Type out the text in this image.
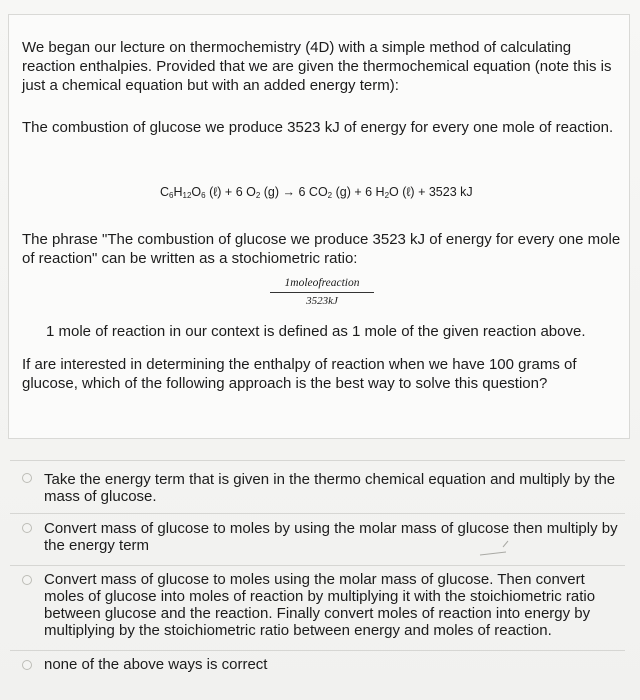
We began our lecture on thermochemistry (4D) with a simple method of calculating reaction enthalpies. Provided that we are given the thermochemical equation (note this is just a chemical equation but with an added energy term):

The combustion of glucose we produce 3523 kJ of energy for every one mole of reaction.

$C_6H_{12}O_6$ (ℓ) + 6 $O_2$ (g) → 6 $CO_2$ (g) + 6 $H_2O$ (ℓ) + 3523 kJ

The phrase "The combustion of glucose we produce 3523 kJ of energy for every one mole of reaction" can be written as a stochiometric ratio:

1moleofreaction
3523kJ

1 mole of reaction in our context is defined as 1 mole of the given reaction above.

If are interested in determining the enthalpy of reaction when we have 100 grams of glucose, which of the following approach is the best way to solve this question?

Take the energy term that is given in the thermo chemical equation and multiply by the mass of glucose.
Convert mass of glucose to moles by using the molar mass of glucose then multiply by the energy term
Convert mass of glucose to moles using the molar mass of glucose. Then convert moles of glucose into moles of reaction by multiplying it with the stoichiometric ratio between glucose and the reaction. Finally convert moles of reaction into energy by multiplying by the stoichiometric ratio between energy and moles of reaction.
none of the above ways is correct
